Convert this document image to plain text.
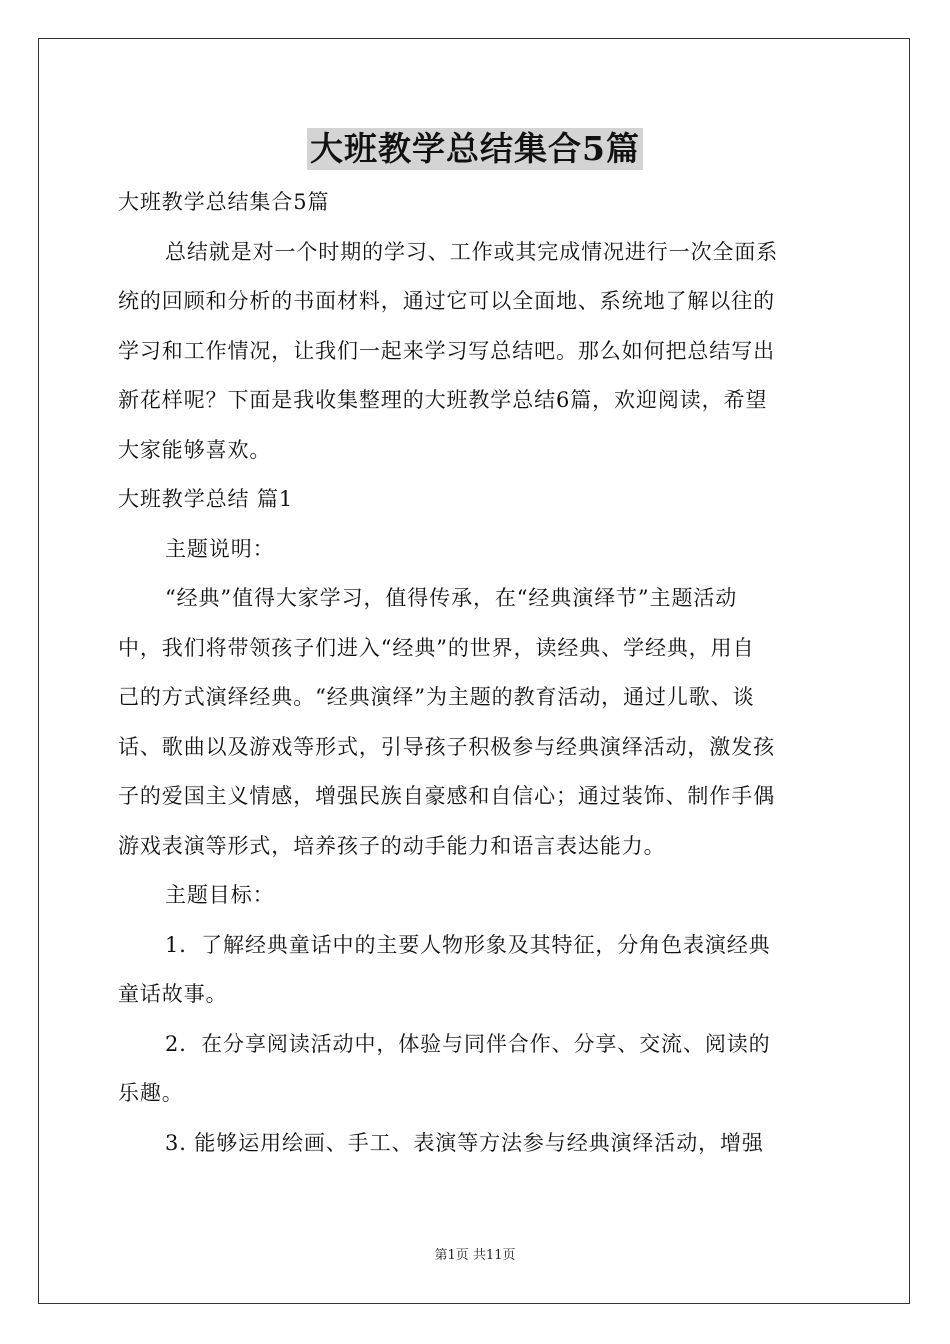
大班教学总结集合5篇
大班教学总结集合5篇
总结就是对一个时期的学习、工作或其完成情况进行一次全面系
统的回顾和分析的书面材料，通过它可以全面地、系统地了解以往的
学习和工作情况，让我们一起来学习写总结吧。那么如何把总结写出
新花样呢？下面是我收集整理的大班教学总结6篇，欢迎阅读，希望
大家能够喜欢。
大班教学总结 篇1
主题说明：
“经典”值得大家学习，值得传承，在“经典演绎节”主题活动
中，我们将带领孩子们进入“经典”的世界，读经典、学经典，用自
己的方式演绎经典。“经典演绎”为主题的教育活动，通过儿歌、谈
话、歌曲以及游戏等形式，引导孩子积极参与经典演绎活动，激发孩
子的爱国主义情感，增强民族自豪感和自信心；通过装饰、制作手偶
游戏表演等形式，培养孩子的动手能力和语言表达能力。
主题目标：
1．了解经典童话中的主要人物形象及其特征，分角色表演经典
童话故事。
2．在分享阅读活动中，体验与同伴合作、分享、交流、阅读的
乐趣。
3. 能够运用绘画、手工、表演等方法参与经典演绎活动，增强
第1页 共11页
